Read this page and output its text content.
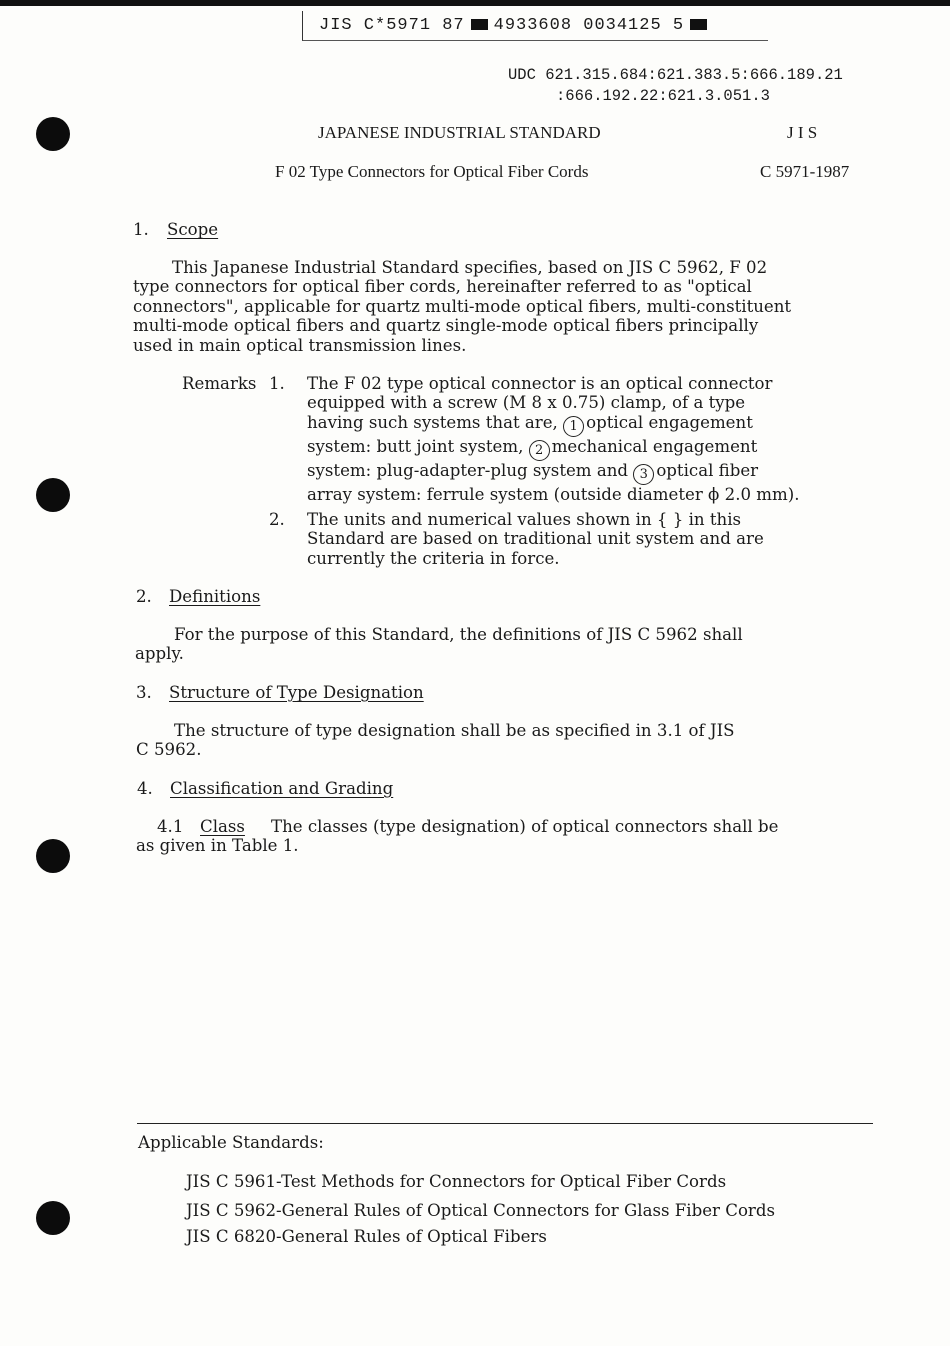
JIS C*5971 87 4933608 0034125 5
UDC 621.315.684:621.383.5:666.189.21
:666.192.22:621.3.051.3
JAPANESE INDUSTRIAL STANDARD	J I S
F 02 Type Connectors for Optical Fiber Cords	C 5971-1987
1. Scope
This Japanese Industrial Standard specifies, based on JIS C 5962, F 02
type connectors for optical fiber cords, hereinafter referred to as "optical
connectors", applicable for quartz multi-mode optical fibers, multi-constituent
multi-mode optical fibers and quartz single-mode optical fibers principally
used in main optical transmission lines.
Remarks 1. The F 02 type optical connector is an optical connector
equipped with a screw (M 8 x 0.75) clamp, of a type
having such systems that are, 1 optical engagement
system: butt joint system, 2 mechanical engagement
system: plug-adapter-plug system and 3 optical fiber
array system: ferrule system (outside diameter ϕ 2.0 mm).
2. The units and numerical values shown in { } in this
Standard are based on traditional unit system and are
currently the criteria in force.
2. Definitions
For the purpose of this Standard, the definitions of JIS C 5962 shall
apply.
3. Structure of Type Designation
The structure of type designation shall be as specified in 3.1 of JIS
C 5962.
4. Classification and Grading
4.1 Class The classes (type designation) of optical connectors shall be
as given in Table 1.
Applicable Standards:
JIS C 5961-Test Methods for Connectors for Optical Fiber Cords
JIS C 5962-General Rules of Optical Connectors for Glass Fiber Cords
JIS C 6820-General Rules of Optical Fibers
